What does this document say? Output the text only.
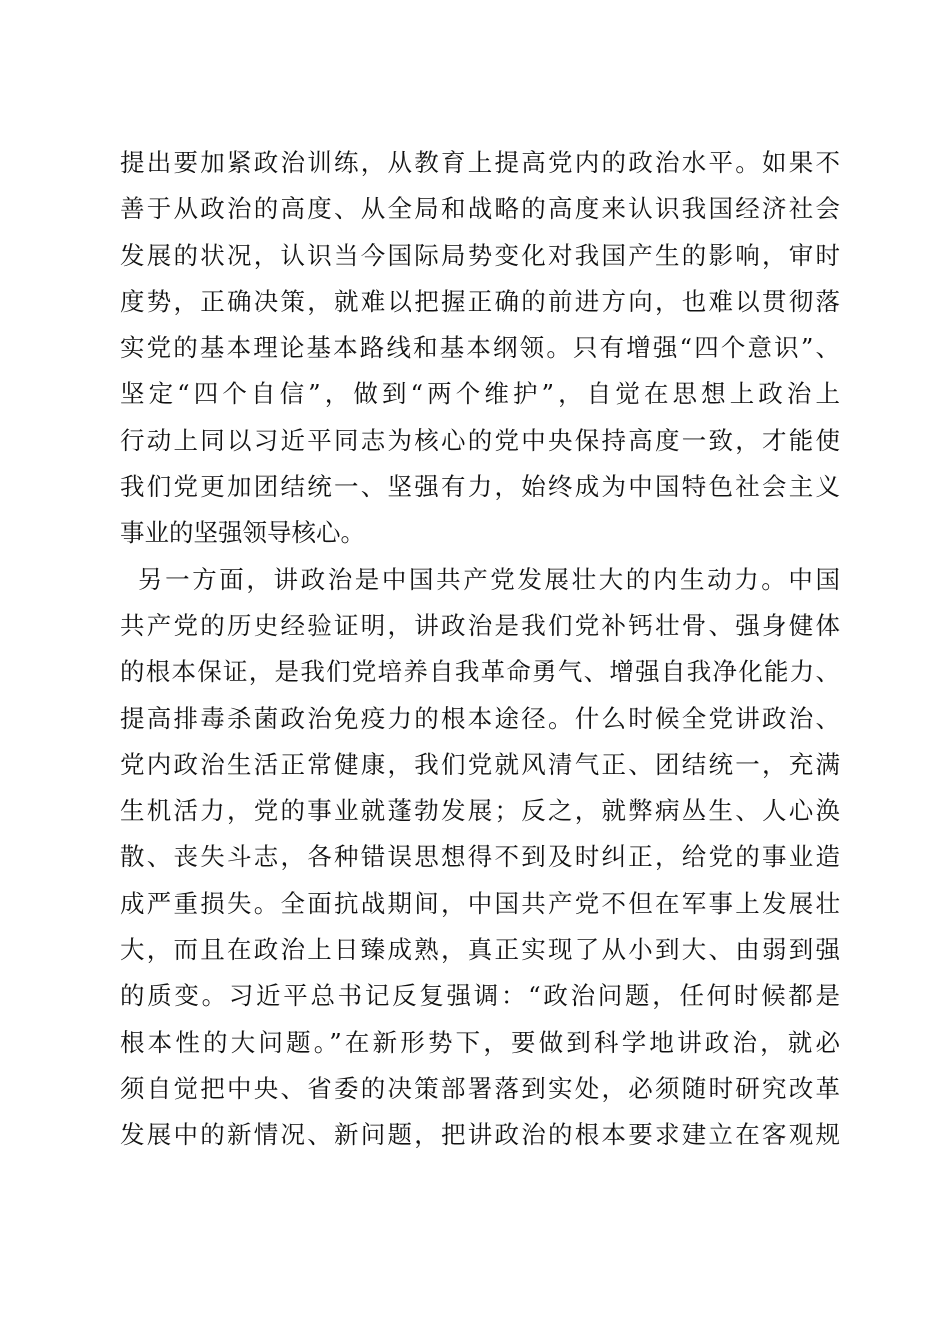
提出要加紧政治训练，从教育上提高党内的政治水平。如果不
善于从政治的高度、从全局和战略的高度来认识我国经济社会
发展的状况，认识当今国际局势变化对我国产生的影响，审时
度势，正确决策，就难以把握正确的前进方向，也难以贯彻落
实党的基本理论基本路线和基本纲领。只有增强“四个意识”、
坚定“四个自信”，做到“两个维护”，自觉在思想上政治上
行动上同以习近平同志为核心的党中央保持高度一致，才能使
我们党更加团结统一、坚强有力，始终成为中国特色社会主义
事业的坚强领导核心。
另一方面，讲政治是中国共产党发展壮大的内生动力。中国
共产党的历史经验证明，讲政治是我们党补钙壮骨、强身健体
的根本保证，是我们党培养自我革命勇气、增强自我净化能力、
提高排毒杀菌政治免疫力的根本途径。什么时候全党讲政治、
党内政治生活正常健康，我们党就风清气正、团结统一，充满
生机活力，党的事业就蓬勃发展；反之，就弊病丛生、人心涣
散、丧失斗志，各种错误思想得不到及时纠正，给党的事业造
成严重损失。全面抗战期间，中国共产党不但在军事上发展壮
大，而且在政治上日臻成熟，真正实现了从小到大、由弱到强
的质变。习近平总书记反复强调：“政治问题，任何时候都是
根本性的大问题。”在新形势下，要做到科学地讲政治，就必
须自觉把中央、省委的决策部署落到实处，必须随时研究改革
发展中的新情况、新问题，把讲政治的根本要求建立在客观规
